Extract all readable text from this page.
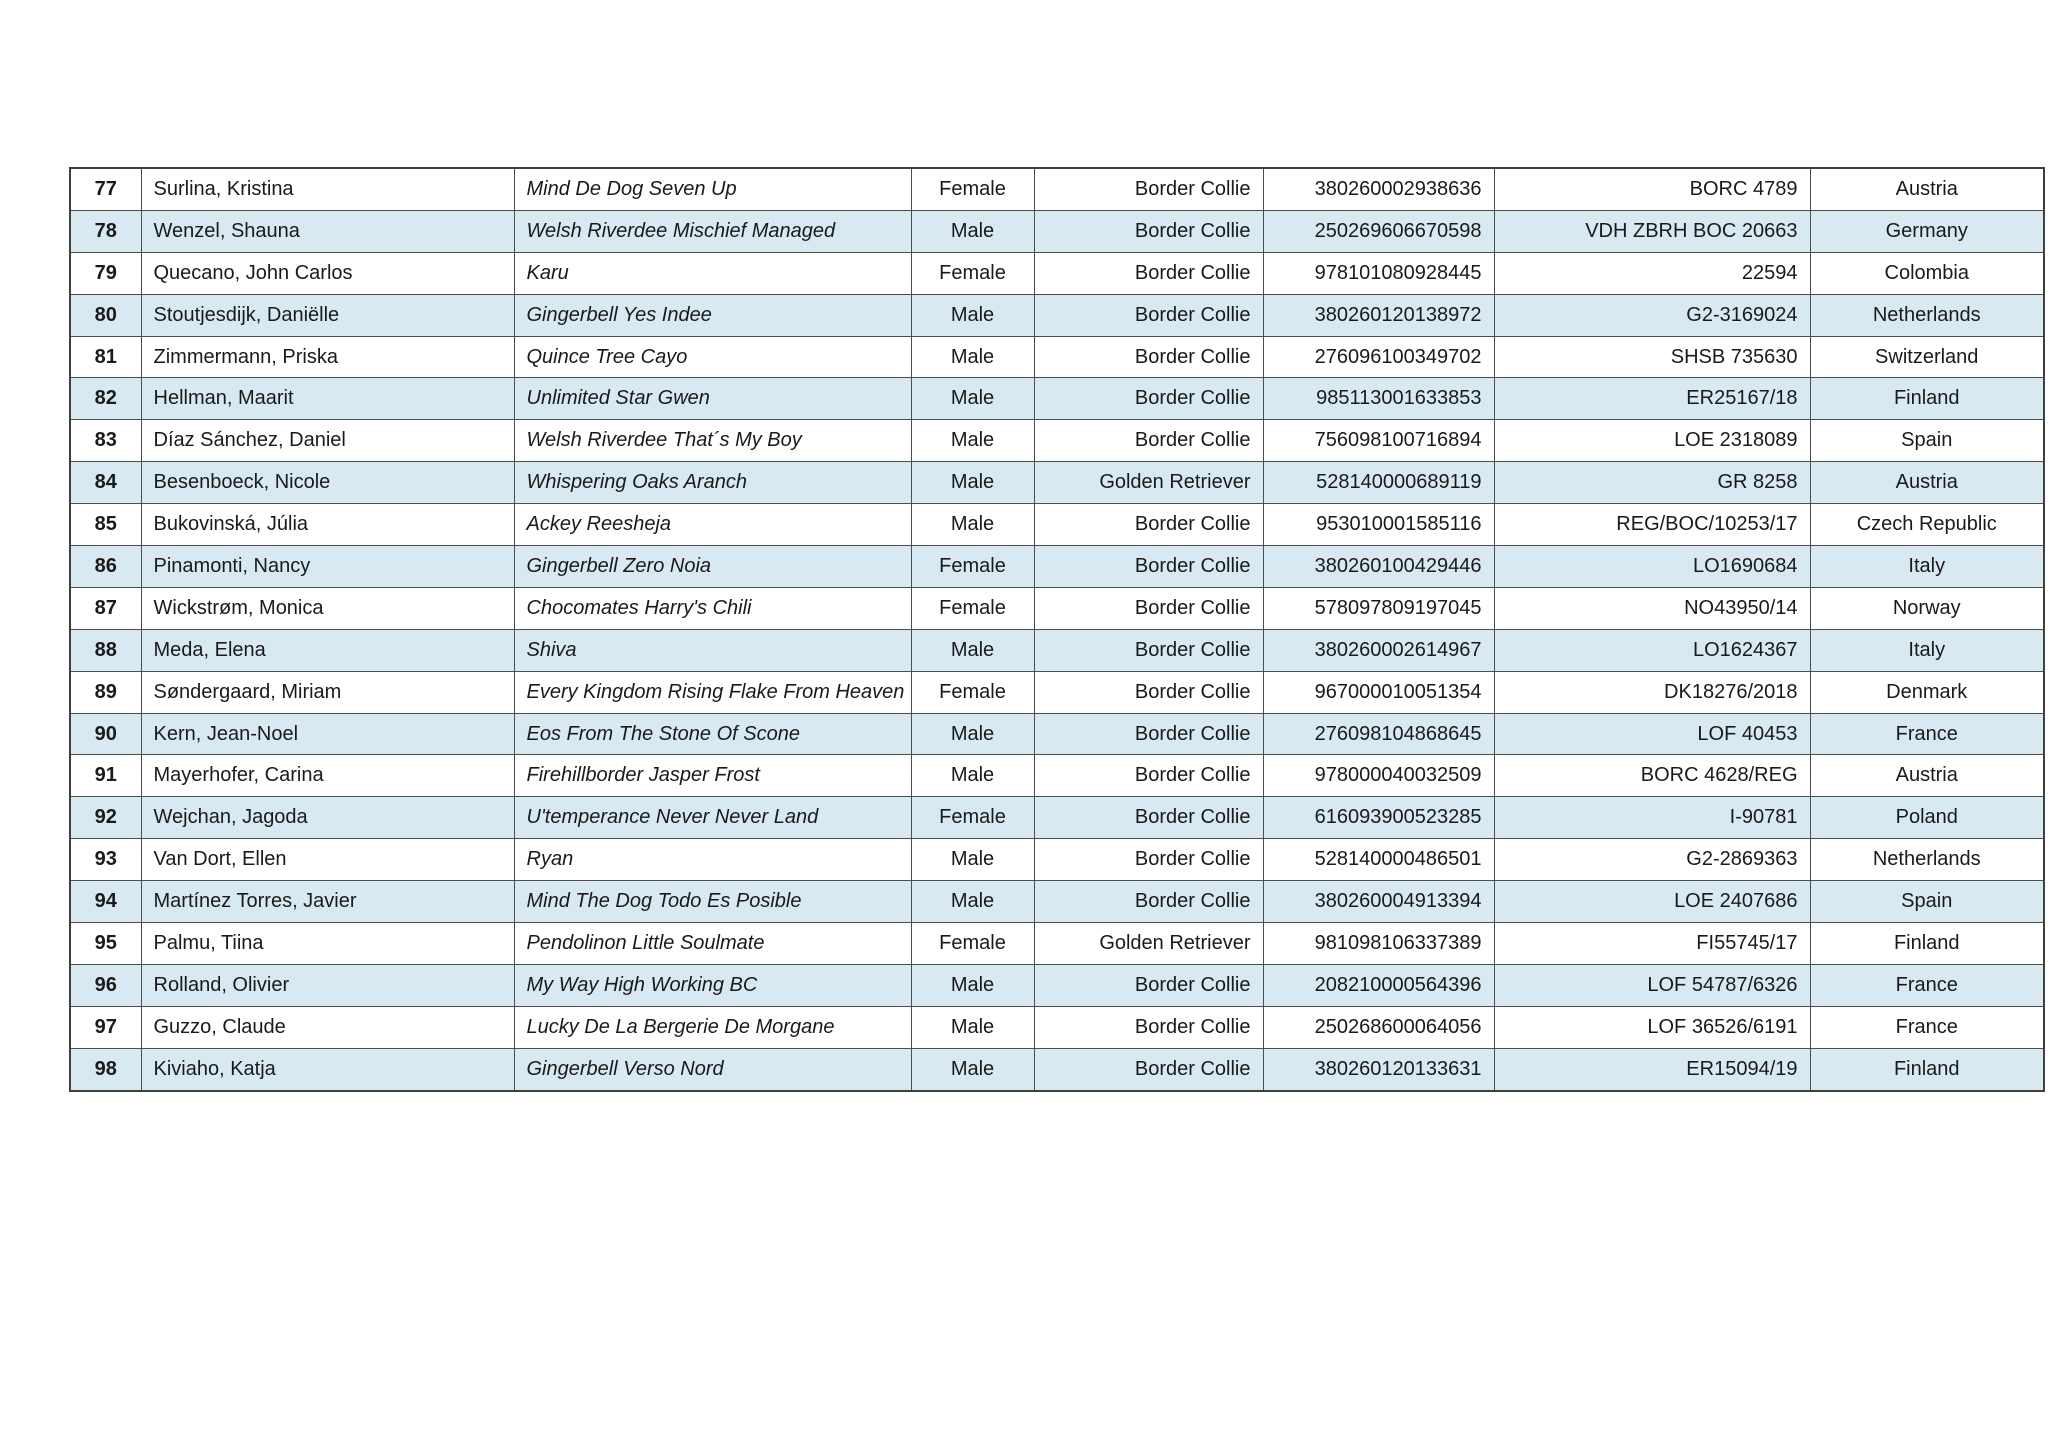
77	Surlina, Kristina	Mind De Dog Seven Up	Female	Border Collie	380260002938636	BORC 4789	Austria
78	Wenzel, Shauna	Welsh Riverdee Mischief Managed	Male	Border Collie	250269606670598	VDH ZBRH BOC 20663	Germany
79	Quecano, John Carlos	Karu	Female	Border Collie	978101080928445	22594	Colombia
80	Stoutjesdijk, Daniëlle	Gingerbell Yes Indee	Male	Border Collie	380260120138972	G2-3169024	Netherlands
81	Zimmermann, Priska	Quince Tree Cayo	Male	Border Collie	276096100349702	SHSB 735630	Switzerland
82	Hellman, Maarit	Unlimited Star Gwen	Male	Border Collie	985113001633853	ER25167/18	Finland
83	Díaz Sánchez, Daniel	Welsh Riverdee That´s My Boy	Male	Border Collie	756098100716894	LOE 2318089	Spain
84	Besenboeck, Nicole	Whispering Oaks Aranch	Male	Golden Retriever	528140000689119	GR 8258	Austria
85	Bukovinská, Júlia	Ackey Reesheja	Male	Border Collie	953010001585116	REG/BOC/10253/17	Czech Republic
86	Pinamonti, Nancy	Gingerbell Zero Noia	Female	Border Collie	380260100429446	LO1690684	Italy
87	Wickstrøm, Monica	Chocomates Harry's Chili	Female	Border Collie	578097809197045	NO43950/14	Norway
88	Meda, Elena	Shiva	Male	Border Collie	380260002614967	LO1624367	Italy
89	Søndergaard, Miriam	Every Kingdom Rising Flake From Heaven	Female	Border Collie	967000010051354	DK18276/2018	Denmark
90	Kern, Jean-Noel	Eos From The Stone Of Scone	Male	Border Collie	276098104868645	LOF 40453	France
91	Mayerhofer, Carina	Firehillborder Jasper Frost	Male	Border Collie	978000040032509	BORC 4628/REG	Austria
92	Wejchan, Jagoda	U'temperance Never Never Land	Female	Border Collie	616093900523285	I-90781	Poland
93	Van Dort, Ellen	Ryan	Male	Border Collie	528140000486501	G2-2869363	Netherlands
94	Martínez Torres, Javier	Mind The Dog Todo Es Posible	Male	Border Collie	380260004913394	LOE 2407686	Spain
95	Palmu, Tiina	Pendolinon Little Soulmate	Female	Golden Retriever	981098106337389	FI55745/17	Finland
96	Rolland, Olivier	My Way High Working BC	Male	Border Collie	208210000564396	LOF 54787/6326	France
97	Guzzo, Claude	Lucky De La Bergerie De Morgane	Male	Border Collie	250268600064056	LOF 36526/6191	France
98	Kiviaho, Katja	Gingerbell Verso Nord	Male	Border Collie	380260120133631	ER15094/19	Finland
